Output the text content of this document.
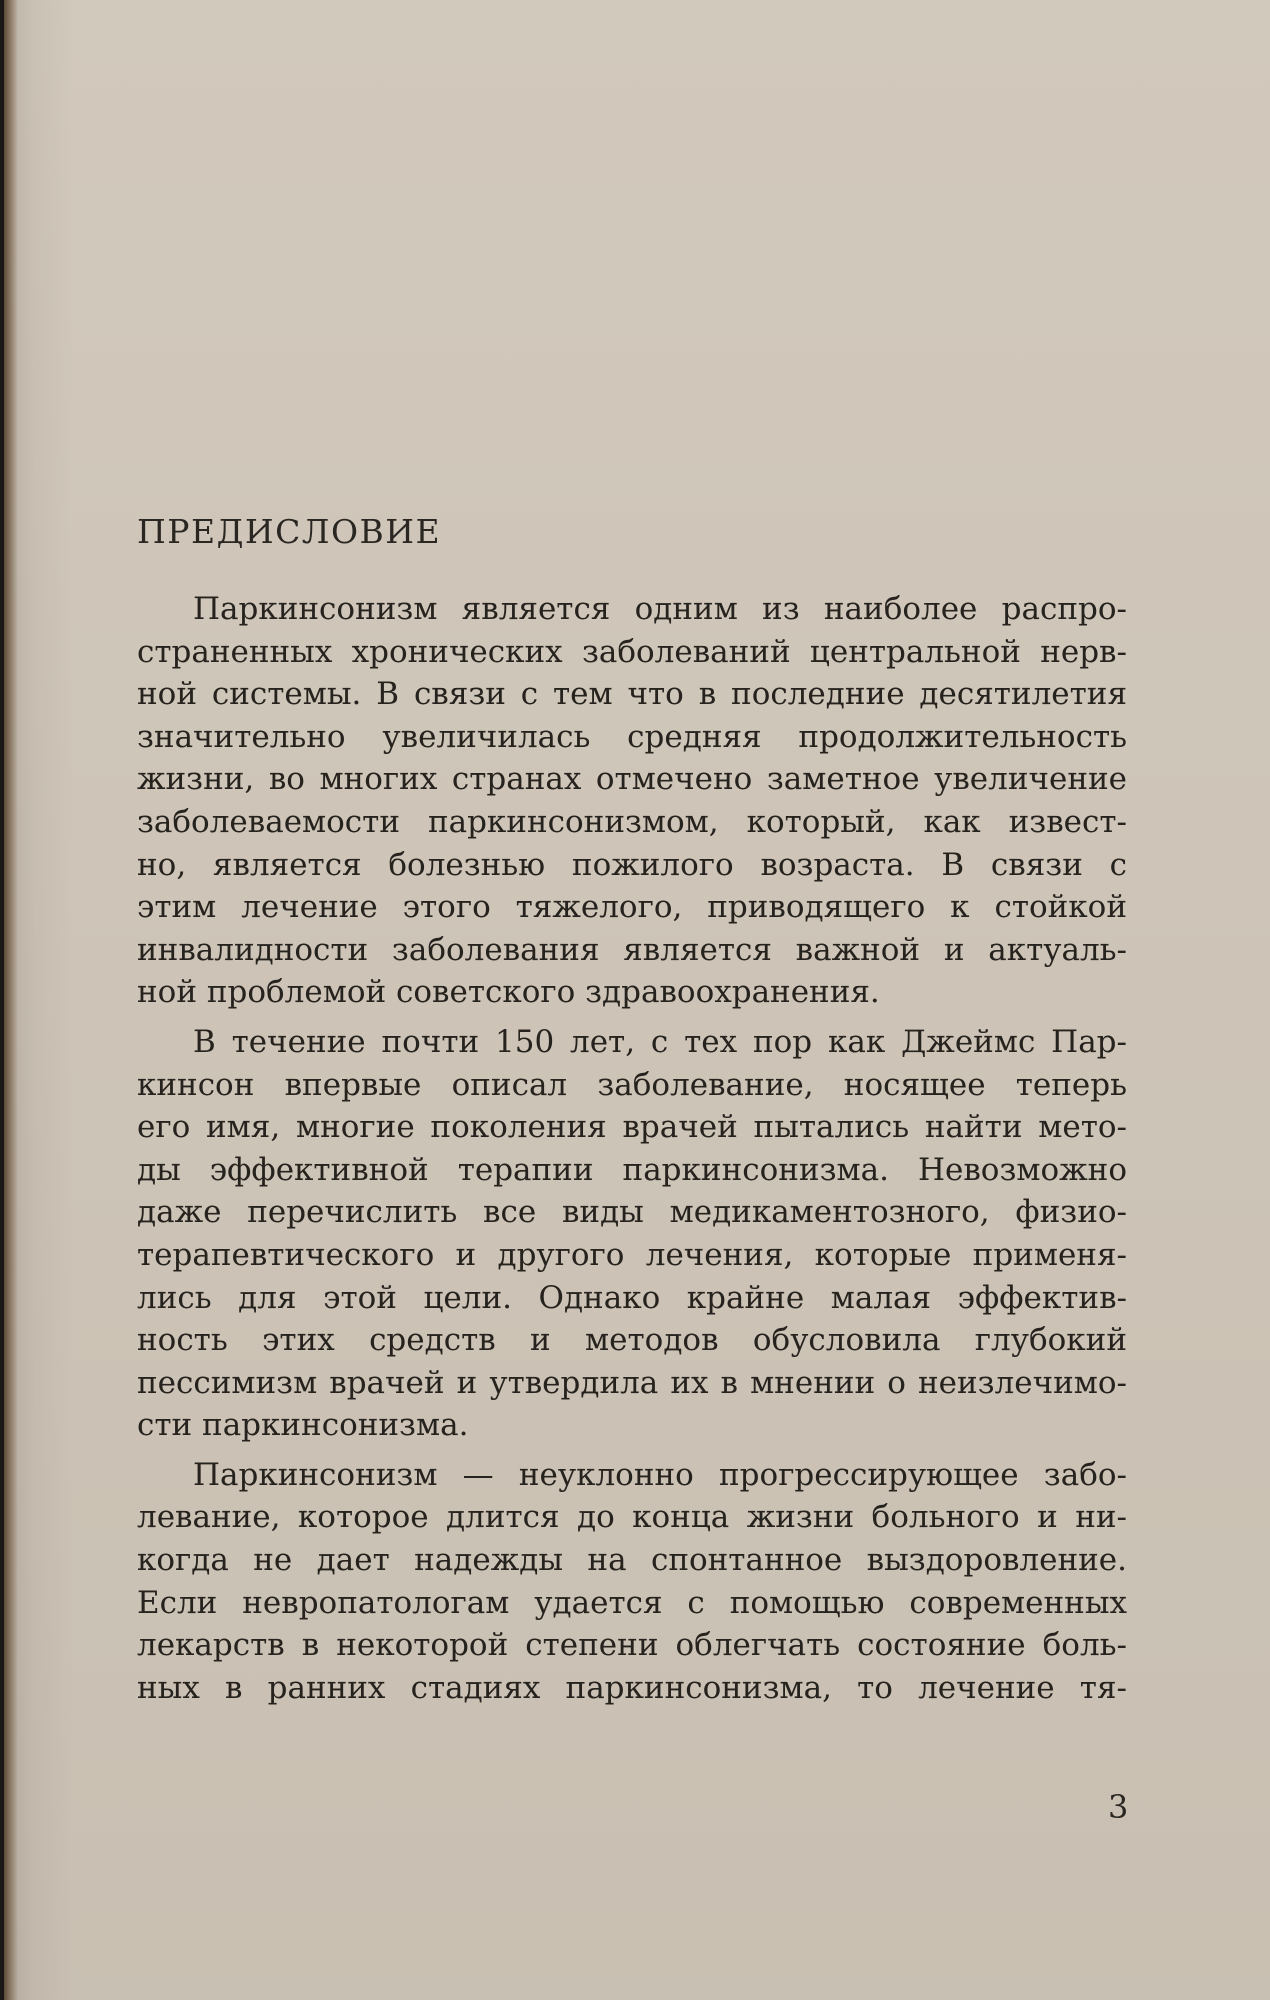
ПРЕДИСЛОВИЕ
Паркинсонизм является одним из наиболее распро-
страненных хронических заболеваний центральной нерв-
ной системы. В связи с тем что в последние десятилетия
значительно увеличилась средняя продолжительность
жизни, во многих странах отмечено заметное увеличение
заболеваемости паркинсонизмом, который, как извест-
но, является болезнью пожилого возраста. В связи с
этим лечение этого тяжелого, приводящего к стойкой
инвалидности заболевания является важной и актуаль-
ной проблемой советского здравоохранения.
В течение почти 150 лет, с тех пор как Джеймс Пар-
кинсон впервые описал заболевание, носящее теперь
его имя, многие поколения врачей пытались найти мето-
ды эффективной терапии паркинсонизма. Невозможно
даже перечислить все виды медикаментозного, физио-
терапевтического и другого лечения, которые применя-
лись для этой цели. Однако крайне малая эффектив-
ность этих средств и методов обусловила глубокий
пессимизм врачей и утвердила их в мнении о неизлечимо-
сти паркинсонизма.
Паркинсонизм — неуклонно прогрессирующее забо-
левание, которое длится до конца жизни больного и ни-
когда не дает надежды на спонтанное выздоровление.
Если невропатологам удается с помощью современных
лекарств в некоторой степени облегчать состояние боль-
ных в ранних стадиях паркинсонизма, то лечение тя-
3
